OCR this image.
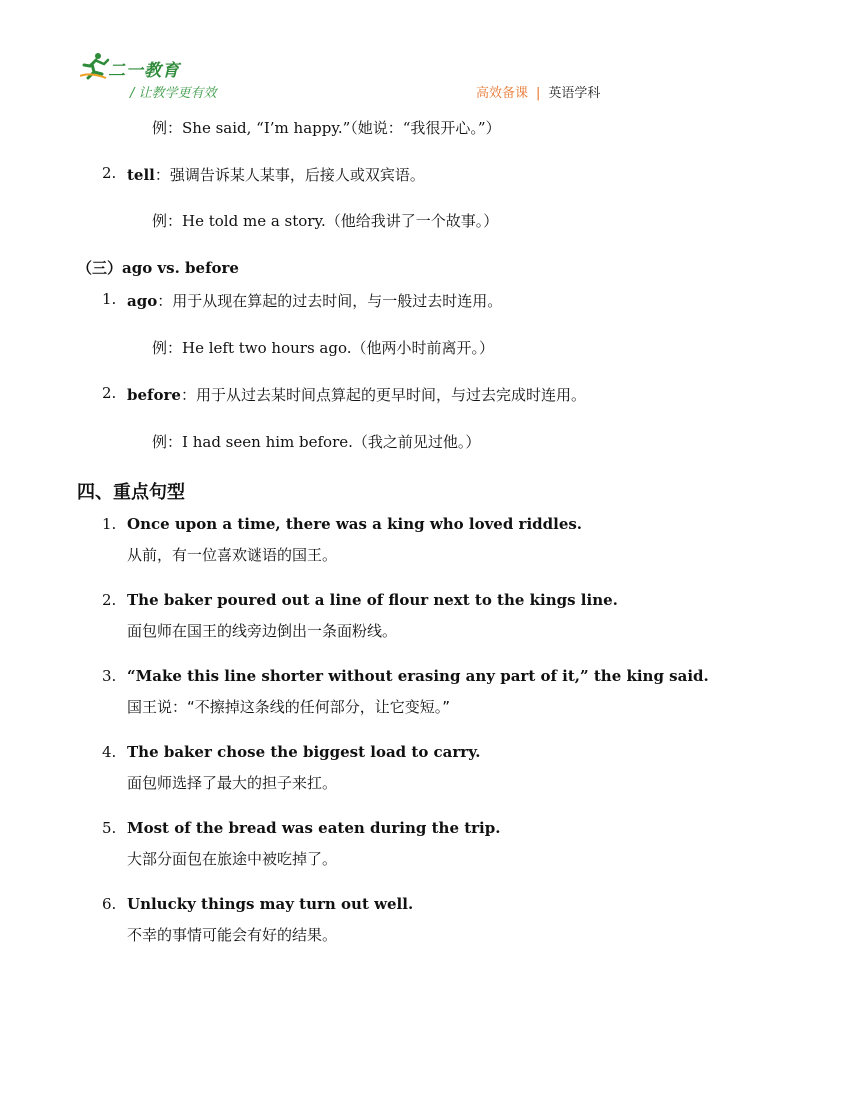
二一教育
/ 让教学更有效	高效备课 | 英语学科
例：She said, “I’m happy.”（她说：“我很开心。”）
2. tell：强调告诉某人某事，后接人或双宾语。
例：He told me a story.（他给我讲了一个故事。）
（三）ago vs. before
1. ago：用于从现在算起的过去时间，与一般过去时连用。
例：He left two hours ago.（他两小时前离开。）
2. before：用于从过去某时间点算起的更早时间，与过去完成时连用。
例：I had seen him before.（我之前见过他。）
四、重点句型
1. Once upon a time, there was a king who loved riddles.
从前，有一位喜欢谜语的国王。
2. The baker poured out a line of flour next to the kings line.
面包师在国王的线旁边倒出一条面粉线。
3. “Make this line shorter without erasing any part of it,” the king said.
国王说：“不擦掉这条线的任何部分，让它变短。”
4. The baker chose the biggest load to carry.
面包师选择了最大的担子来扛。
5. Most of the bread was eaten during the trip.
大部分面包在旅途中被吃掉了。
6. Unlucky things may turn out well.
不幸的事情可能会有好的结果。
